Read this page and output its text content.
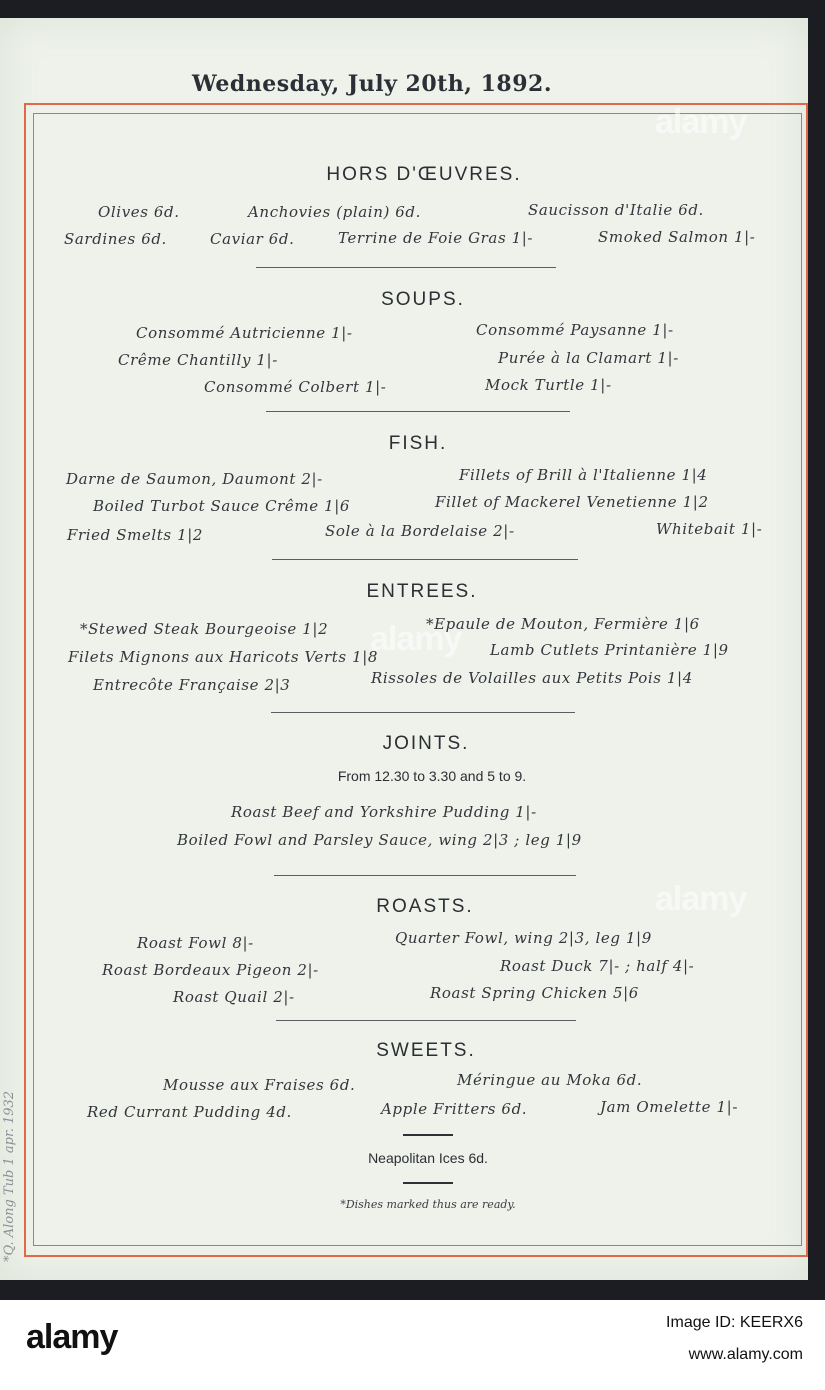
Wednesday, July 20th, 1892.
HORS D'ŒUVRES.
Olives 6d.	Anchovies (plain) 6d.	Saucisson d'Italie 6d.
Sardines 6d.	Caviar 6d.	Terrine de Foie Gras 1|-	Smoked Salmon 1|-
SOUPS.
Consommé Autricienne 1|-	Consommé Paysanne 1|-
Crême Chantilly 1|-	Purée à la Clamart 1|-
Consommé Colbert 1|-	Mock Turtle 1|-
FISH.
Darne de Saumon, Daumont 2|-	Fillets of Brill à l'Italienne 1|4
Boiled Turbot Sauce Crême 1|6	Fillet of Mackerel Venetienne 1|2
Fried Smelts 1|2	Sole à la Bordelaise 2|-	Whitebait 1|-
ENTREES.
*Stewed Steak Bourgeoise 1|2	*Epaule de Mouton, Fermière 1|6
Filets Mignons aux Haricots Verts 1|8	Lamb Cutlets Printanière 1|9
Entrecôte Française 2|3	Rissoles de Volailles aux Petits Pois 1|4
JOINTS.
From 12.30 to 3.30 and 5 to 9.
Roast Beef and Yorkshire Pudding 1|-
Boiled Fowl and Parsley Sauce, wing 2|3 ; leg 1|9
ROASTS.
Roast Fowl 8|-	Quarter Fowl, wing 2|3, leg 1|9
Roast Bordeaux Pigeon 2|-	Roast Duck 7|- ; half 4|-
Roast Quail 2|-	Roast Spring Chicken 5|6
SWEETS.
Mousse aux Fraises 6d.	Méringue au Moka 6d.
Red Currant Pudding 4d.	Apple Fritters 6d.	Jam Omelette 1|-
Neapolitan Ices 6d.
*Dishes marked thus are ready.
*Q. Along Tub 1 apr. 1932
alamy
alamy
alamy
alamy	Image ID: KEERX6
www.alamy.com
